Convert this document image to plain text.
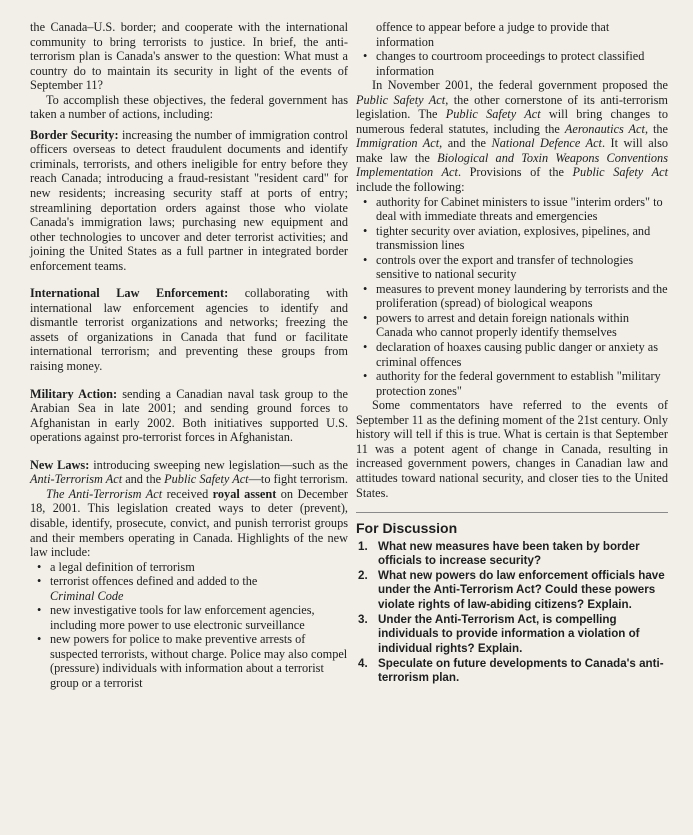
the Canada–U.S. border; and cooperate with the international community to bring terrorists to justice. In brief, the anti-terrorism plan is Canada's answer to the question: What must a country do to maintain its security in light of the events of September 11?

To accomplish these objectives, the federal government has taken a number of actions, including:

Border Security: increasing the number of immigration control officers overseas to detect fraudulent documents and identify criminals, terrorists, and others ineligible for entry before they reach Canada; introducing a fraud-resistant "resident card" for new residents; increasing security staff at ports of entry; streamlining deportation orders against those who violate Canada's immigration laws; purchasing new equipment and other technologies to uncover and deter terrorist activities; and joining the United States as a full partner in integrated border enforcement teams.

International Law Enforcement: collaborating with international law enforcement agencies to identify and dismantle terrorist organizations and networks; freezing the assets of organizations in Canada that fund or facilitate international terrorism; and preventing these groups from raising money.

Military Action: sending a Canadian naval task group to the Arabian Sea in late 2001; and sending ground forces to Afghanistan in early 2002. Both initiatives supported U.S. operations against pro-terrorist forces in Afghanistan.

New Laws: introducing sweeping new legislation—such as the Anti-Terrorism Act and the Public Safety Act—to fight terrorism.

The Anti-Terrorism Act received royal assent on December 18, 2001. This legislation created ways to deter (prevent), disable, identify, prosecute, convict, and punish terrorist groups and their members operating in Canada. Highlights of the new law include:

• a legal definition of terrorism
• terrorist offences defined and added to the
Criminal Code
• new investigative tools for law enforcement agencies, including more power to use electronic surveillance
• new powers for police to make preventive arrests of suspected terrorists, without charge. Police may also compel (pressure) individuals with information about a terrorist group or a terrorist
offence to appear before a judge to provide that information
• changes to courtroom proceedings to protect classified information

In November 2001, the federal government proposed the Public Safety Act, the other cornerstone of its anti-terrorism legislation. The Public Safety Act will bring changes to numerous federal statutes, including the Aeronautics Act, the Immigration Act, and the National Defence Act. It will also make law the Biological and Toxin Weapons Conventions Implementation Act. Provisions of the Public Safety Act include the following:

• authority for Cabinet ministers to issue "interim orders" to deal with immediate threats and emergencies
• tighter security over aviation, explosives, pipelines, and transmission lines
• controls over the export and transfer of technologies sensitive to national security
• measures to prevent money laundering by terrorists and the proliferation (spread) of biological weapons
• powers to arrest and detain foreign nationals within Canada who cannot properly identify themselves
• declaration of hoaxes causing public danger or anxiety as criminal offences
• authority for the federal government to establish "military protection zones"

Some commentators have referred to the events of September 11 as the defining moment of the 21st century. Only history will tell if this is true. What is certain is that September 11 was a potent agent of change in Canada, resulting in increased government powers, changes in Canadian law and attitudes toward national security, and closer ties to the United States.

For Discussion
1. What new measures have been taken by border officials to increase security?
2. What new powers do law enforcement officials have under the Anti-Terrorism Act? Could these powers violate rights of law-abiding citizens? Explain.
3. Under the Anti-Terrorism Act, is compelling individuals to provide information a violation of individual rights? Explain.
4. Speculate on future developments to Canada's anti-terrorism plan.
